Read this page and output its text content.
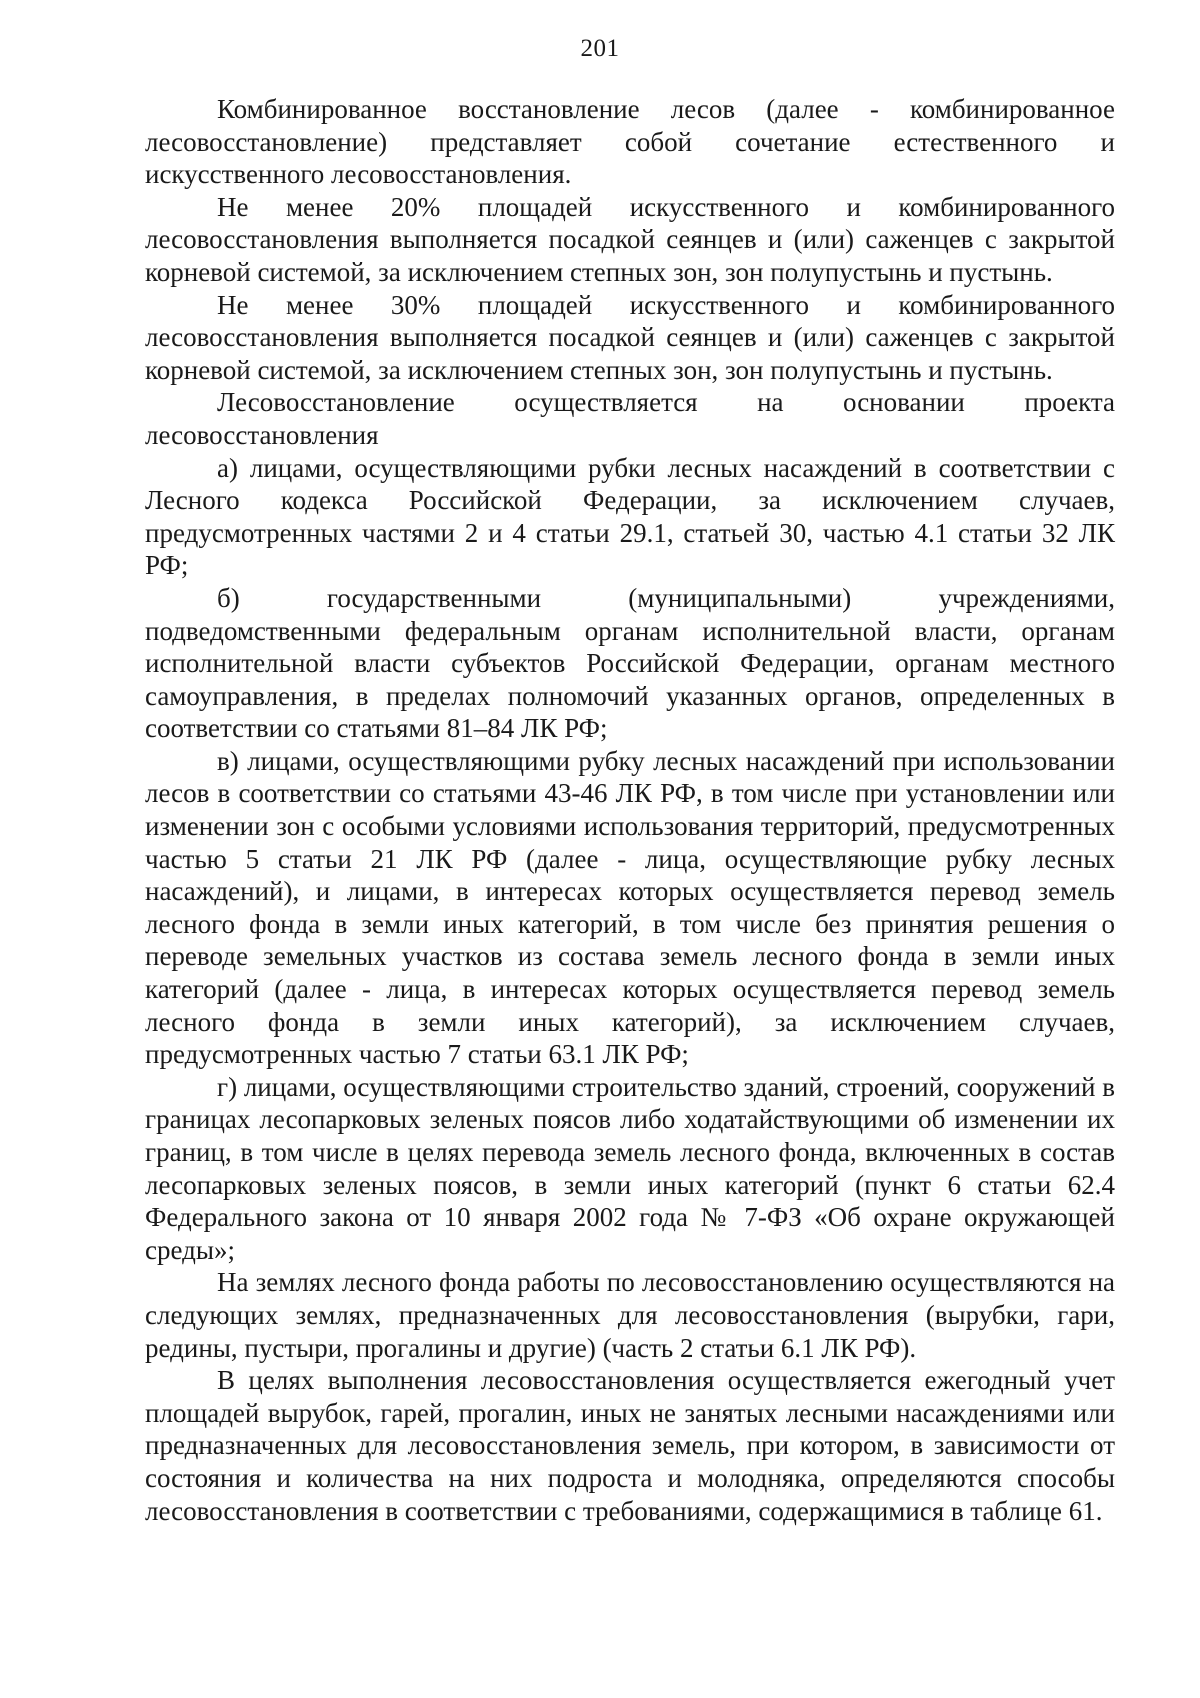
201

Комбинированное восстановление лесов (далее - комбинированное лесовосстановление) представляет собой сочетание естественного и искусственного лесовосстановления.

Не менее 20% площадей искусственного и комбинированного лесовосстановления выполняется посадкой сеянцев и (или) саженцев с закрытой корневой системой, за исключением степных зон, зон полупустынь и пустынь.

Не менее 30% площадей искусственного и комбинированного лесовосстановления выполняется посадкой сеянцев и (или) саженцев с закрытой корневой системой, за исключением степных зон, зон полупустынь и пустынь.

Лесовосстановление осуществляется на основании проекта лесовосстановления

а) лицами, осуществляющими рубки лесных насаждений в соответствии с Лесного кодекса Российской Федерации, за исключением случаев, предусмотренных частями 2 и 4 статьи 29.1, статьей 30, частью 4.1 статьи 32 ЛК РФ;

б) государственными (муниципальными) учреждениями, подведомственными федеральным органам исполнительной власти, органам исполнительной власти субъектов Российской Федерации, органам местного самоуправления, в пределах полномочий указанных органов, определенных в соответствии со статьями 81–84 ЛК РФ;

в) лицами, осуществляющими рубку лесных насаждений при использовании лесов в соответствии со статьями 43-46 ЛК РФ, в том числе при установлении или изменении зон с особыми условиями использования территорий, предусмотренных частью 5 статьи 21 ЛК РФ (далее - лица, осуществляющие рубку лесных насаждений), и лицами, в интересах которых осуществляется перевод земель лесного фонда в земли иных категорий, в том числе без принятия решения о переводе земельных участков из состава земель лесного фонда в земли иных категорий (далее - лица, в интересах которых осуществляется перевод земель лесного фонда в земли иных категорий), за исключением случаев, предусмотренных частью 7 статьи 63.1 ЛК РФ;

г) лицами, осуществляющими строительство зданий, строений, сооружений в границах лесопарковых зеленых поясов либо ходатайствующими об изменении их границ, в том числе в целях перевода земель лесного фонда, включенных в состав лесопарковых зеленых поясов, в земли иных категорий (пункт 6 статьи 62.4 Федерального закона от 10 января 2002 года № 7-ФЗ «Об охране окружающей среды»;

На землях лесного фонда работы по лесовосстановлению осуществляются на следующих землях, предназначенных для лесовосстановления (вырубки, гари, редины, пустыри, прогалины и другие) (часть 2 статьи 6.1 ЛК РФ).

В целях выполнения лесовосстановления осуществляется ежегодный учет площадей вырубок, гарей, прогалин, иных не занятых лесными насаждениями или предназначенных для лесовосстановления земель, при котором, в зависимости от состояния и количества на них подроста и молодняка, определяются способы лесовосстановления в соответствии с требованиями, содержащимися в таблице 61.
